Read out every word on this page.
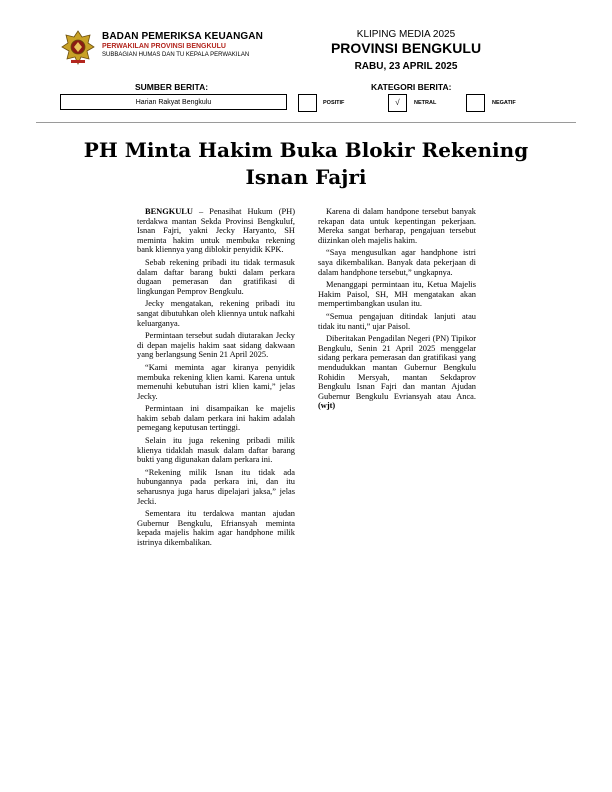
BADAN PEMERIKSA KEUANGAN
PERWAKILAN PROVINSI BENGKULU
SUBBAGIAN HUMAS DAN TU KEPALA PERWAKILAN
KLIPING MEDIA 2025
PROVINSI BENGKULU
RABU, 23 APRIL 2025
SUMBER BERITA:	KATEGORI BERITA:
Harian Rakyat Bengkulu	POSITIF	√	NETRAL	NEGATIF
PH Minta Hakim Buka Blokir Rekening Isnan Fajri

BENGKULU – Penasihat Hukum (PH) terdakwa mantan Sekda Provinsi Bengkuluf, Isnan Fajri, yakni Jecky Haryanto, SH meminta hakim untuk membuka rekening bank kliennya yang diblokir penyidik KPK.

Sebab rekening pribadi itu tidak termasuk dalam daftar barang bukti dalam perkara dugaan pemerasan dan gratifikasi di lingkungan Pemprov Bengkulu.

Jecky mengatakan, rekening pribadi itu sangat dibutuhkan oleh kliennya untuk nafkahi keluarganya.

Permintaan tersebut sudah diutarakan Jecky di depan majelis hakim saat sidang dakwaan yang berlangsung Senin 21 April 2025.

“Kami meminta agar kiranya penyidik membuka rekening klien kami. Karena untuk memenuhi kebutuhan istri klien kami,” jelas Jecky.

Permintaan ini disampaikan ke majelis hakim sebab dalam perkara ini hakim adalah pemegang keputusan tertinggi.

Selain itu juga rekening pribadi milik klienya tidaklah masuk dalam daftar barang bukti yang digunakan dalam perkara ini.

“Rekening milik Isnan itu tidak ada hubungannya pada perkara ini, dan itu seharusnya juga harus dipelajari jaksa,” jelas Jecki.

Sementara itu terdakwa mantan ajudan Gubernur Bengkulu, Efriansyah meminta kepada majelis hakim agar handphone milik istrinya dikembalikan.

Karena di dalam handpone tersebut banyak rekapan data untuk kepentingan pekerjaan. Mereka sangat berharap, pengajuan tersebut diizinkan oleh majelis hakim.

“Saya mengusulkan agar handphone istri saya dikembalikan. Banyak data pekerjaan di dalam handphone tersebut,” ungkapnya.

Menanggapi permintaan itu, Ketua Majelis Hakim Paisol, SH, MH mengatakan akan mempertimbangkan usulan itu.

“Semua pengajuan ditindak lanjuti atau tidak itu nanti,” ujar Paisol.

Diberitakan Pengadilan Negeri (PN) Tipikor Bengkulu, Senin 21 April 2025 menggelar sidang perkara pemerasan dan gratifikasi yang mendudukkan mantan Gubernur Bengkulu Rohidin Mersyah, mantan Sekdaprov Bengkulu Isnan Fajri dan mantan Ajudan Gubernur Bengkulu Evriansyah atau Anca. (wjt)
